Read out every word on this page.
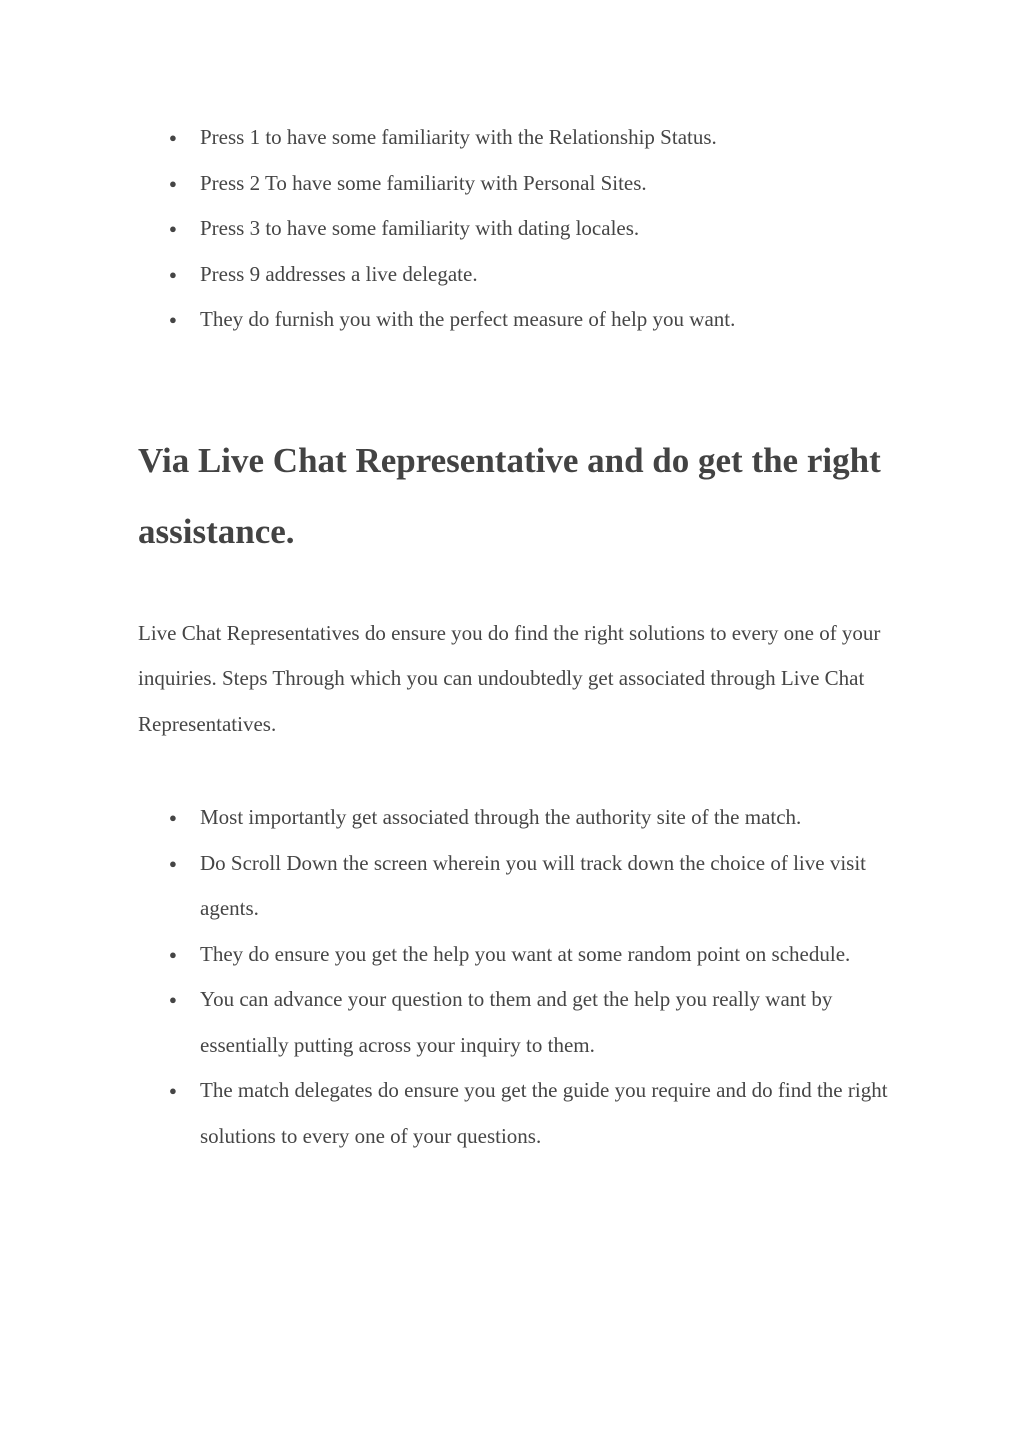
● Press 1 to have some familiarity with the Relationship Status.
● Press 2 To have some familiarity with Personal Sites.
● Press 3 to have some familiarity with dating locales.
● Press 9 addresses a live delegate.
● They do furnish you with the perfect measure of help you want.
Via Live Chat Representative and do get the right assistance.

Live Chat Representatives do ensure you do find the right solutions to every one of your inquiries. Steps Through which you can undoubtedly get associated through Live Chat Representatives.

● Most importantly get associated through the authority site of the match.
● Do Scroll Down the screen wherein you will track down the choice of live visit agents.
● They do ensure you get the help you want at some random point on schedule.
● You can advance your question to them and get the help you really want by essentially putting across your inquiry to them.
● The match delegates do ensure you get the guide you require and do find the right solutions to every one of your questions.
